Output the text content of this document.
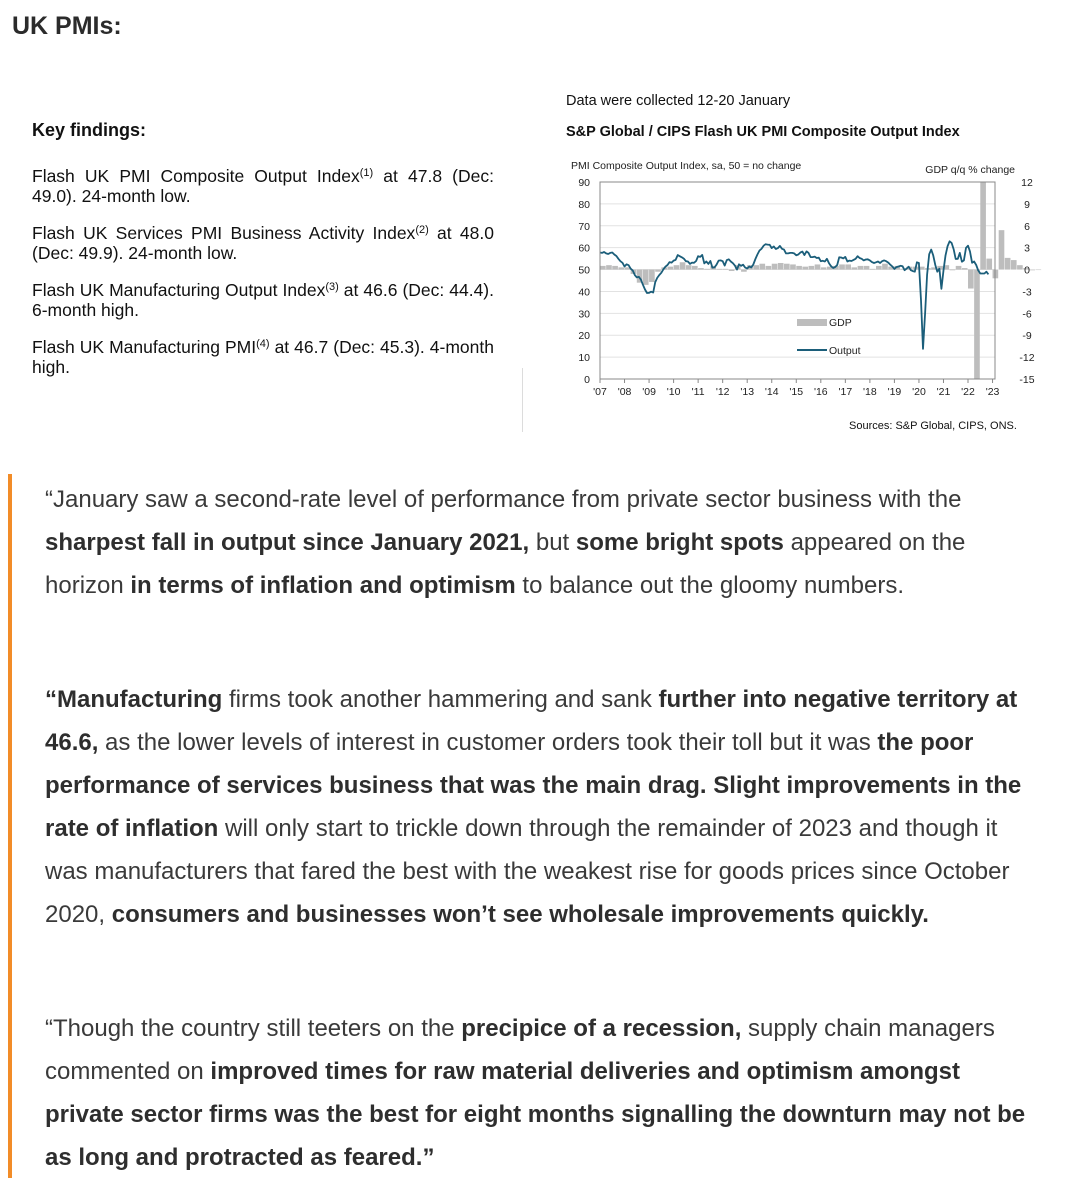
UK PMIs:
Key findings:
Flash UK PMI Composite Output Index$^{(1)}$ at 47.8 (Dec: 49.0). 24-month low.
Flash UK Services PMI Business Activity Index$^{(2)}$ at 48.0 (Dec: 49.9). 24-month low.
Flash UK Manufacturing Output Index$^{(3)}$ at 46.6 (Dec: 44.4). 6-month high.
Flash UK Manufacturing PMI$^{(4)}$ at 46.7 (Dec: 45.3). 4-month high.
Data were collected 12-20 January
S&P Global / CIPS Flash UK PMI Composite Output Index
PMI Composite Output Index, sa, 50 = no change	GDP q/q % change
0
10
20
30
40
50
60
70
80
90
-15
-12
-9
-6
-3
0
3
6
9
12
'07 '08 '09 '10 '11 '12 '13 '14 '15 '16 '17 '18 '19 '20 '21 '22 '23
GDP
Output
Sources: S&P Global, CIPS, ONS.
“January saw a second-rate level of performance from private sector business with the sharpest fall in output since January 2021, but some bright spots appeared on the horizon in terms of inflation and optimism to balance out the gloomy numbers.
“Manufacturing firms took another hammering and sank further into negative territory at 46.6, as the lower levels of interest in customer orders took their toll but it was the poor performance of services business that was the main drag. Slight improvements in the rate of inflation will only start to trickle down through the remainder of 2023 and though it was manufacturers that fared the best with the weakest rise for goods prices since October 2020, consumers and businesses won’t see wholesale improvements quickly.
“Though the country still teeters on the precipice of a recession, supply chain managers commented on improved times for raw material deliveries and optimism amongst private sector firms was the best for eight months signalling the downturn may not be as long and protracted as feared.”
